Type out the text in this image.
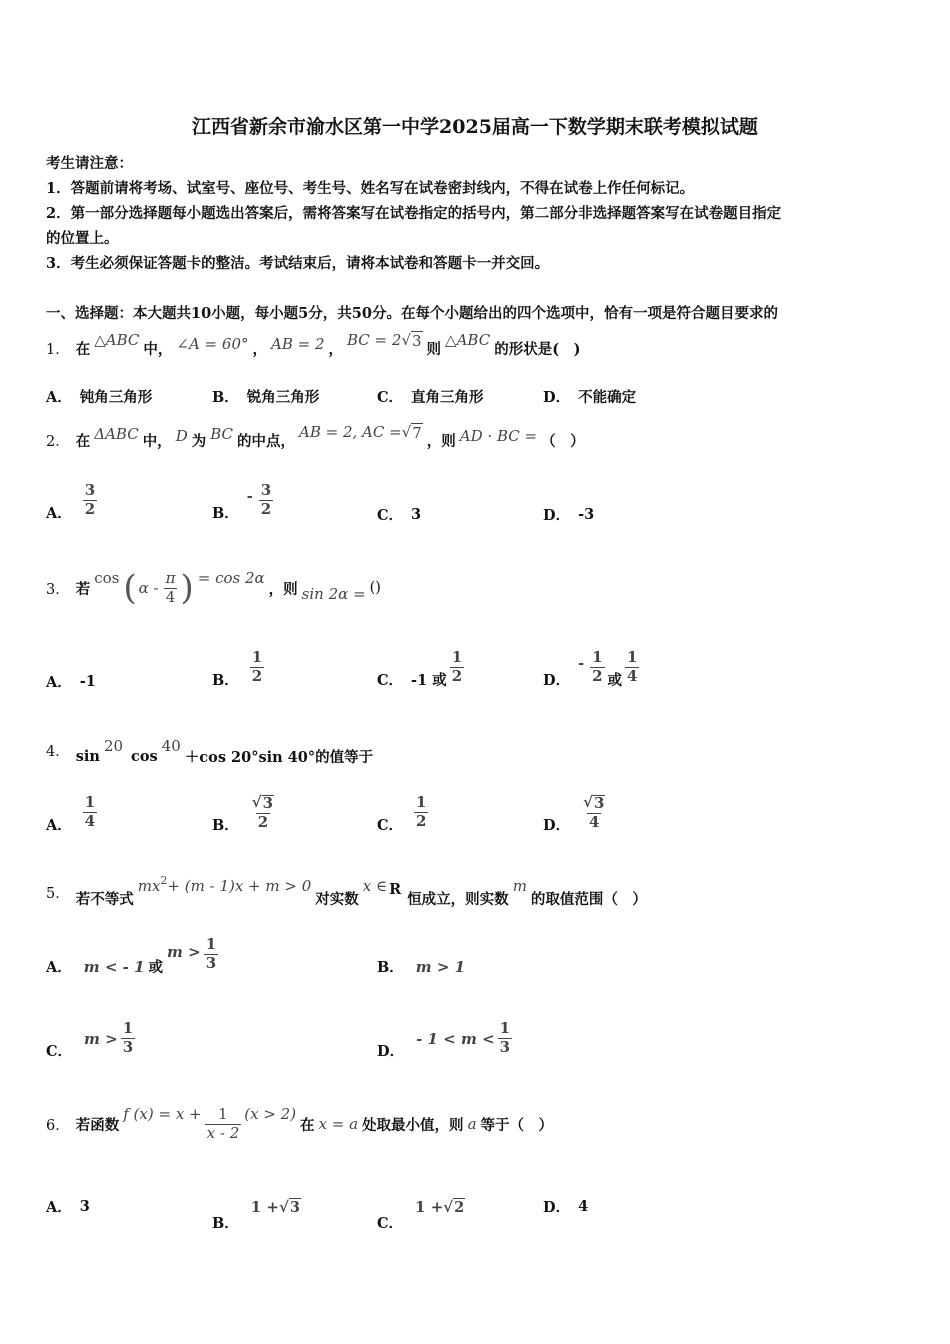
江西省新余市渝水区第一中学2025届高一下数学期末联考模拟试题
考生请注意：
1．答题前请将考场、试室号、座位号、考生号、姓名写在试卷密封线内，不得在试卷上作任何标记。
2．第一部分选择题每小题选出答案后，需将答案写在试卷指定的括号内，第二部分非选择题答案写在试卷题目指定
的位置上。
3．考生必须保证答题卡的整洁。考试结束后，请将本试卷和答题卡一并交回。
一、选择题：本大题共10小题，每小题5分，共50分。在每个小题给出的四个选项中，恰有一项是符合题目要求的
1． 在 △ABC 中， ∠A = 60° ， AB = 2 ， BC = 2 √ 3 则 △ABC 的形状是(　)
A． 钝角三角形	B． 锐角三角形	C． 直角三角形	D． 不能确定
2． 在 ΔABC 中， D 为 BC 的中点， AB = 2, AC = √ 7 ，则 AD · BC = （　）
A． $\frac{3}{2}$	B．
- $\frac{3}{2}$	C． 3	D． -3
3． 若
cos ( α - $\frac{\pi}{4}$ ) = cos 2α
，则 sin 2α = ()
A． -1	B． $\frac{1}{2}$	C． -1 或 $\frac{1}{2}$	D．
- $\frac{1}{2}$ 或 $\frac{1}{4}$
4． sin
20
cos
40
＋cos 20°sin 40°的值等于
A． $\frac{1}{4}$	B． $\frac{√ 3}{2}$	C． $\frac{1}{2}$	D． $\frac{√ 3}{4}$
5． 若不等式
mx 2 + (m - 1)x + m > 0
对实数
x ∈ R
恒成立，则实数
m
的取值范围（　）
A． m < - 1 或
$m > \frac{1}{3}$	B． m > 1
C．
$m > \frac{1}{3}$	D．
- $1 < m < \frac{1}{3}$
6． 若函数
f $(x) = x + \frac{1}{x - 2} (x > 2)$
在 x = a 处取最小值，则 a 等于（　）
A． 3
B．
1 + √ 3
C．
1 + √ 2	D． 4
